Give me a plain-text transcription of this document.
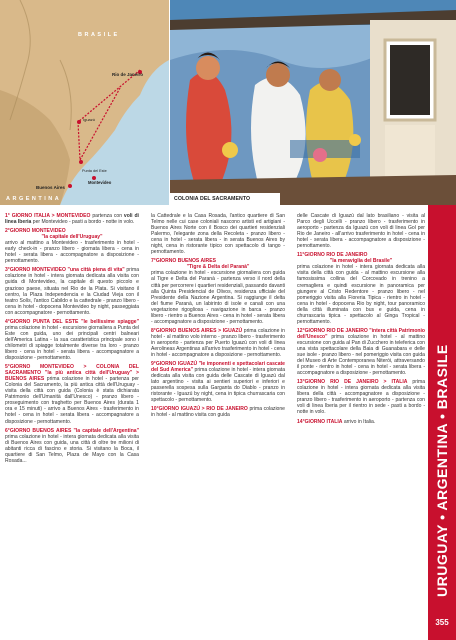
BRASILE
ARGENTINA
Rio de Janeiro
Iguazú
Punta del Este
Montevideo
Buenos Aires
COLONIA DEL SACRAMENTO
URUGUAY • ARGENTINA • BRASILE
355

1° GIORNO ITALIA > MONTEVIDEO partenza con voli di linea Iberia per Montevideo - pasti a bordo - notte in volo.

2°GIORNO MONTEVIDEO
"la capitale dell'Uruguay"
arrivo al mattino a Montevideo - trasferimento in hotel - early check-in - pranzo libero - giornata libera - cena in hotel - serata libera - accompagnatore a disposizione - pernottamento.

3°GIORNO MONTEVIDEO "una città piena di vita" prima colazione in hotel - intera giornata dedicata alla visita con guida di Montevideo, la capitale di questo piccolo e grazioso paese, situata nel Rio de la Plata. Si visitano il centro, la Plaza Independencia e la Ciudad Vieja con il teatro Solís, l'antico Cabildo e la cattedrale - pranzo libero - cena in hotel - dopocena Montevideo by night, passeggiata con accompagnatore - pernottamento.

4°GIORNO PUNTA DEL ESTE "le bellissime spiagge" prima colazione in hotel - escursione giornaliera a Punta del Este con guida, uno dei principali centri balneari dell'America Latina - la sua caratteristica principale sono i chilometri di spiagge totalmente diverse tra loro - pranzo libero - cena in hotel - serata libera - accompagnatore a disposizione - pernottamento.

5°GIORNO MONTEVIDEO > COLONIA DEL SACRAMENTO "la più antica città dell'Uruguay" > BUENOS AIRES prima colazione in hotel - partenza per Colonia del Sacramento, la più antica città dell'Uruguay - visita della città con guida (Colonia è stata dichiarata Patrimonio dell'Umanità dall'Unesco) - pranzo libero - proseguimento con traghetto per Buenos Aires (durata 1 ora e 15 minuti) - arrivo a Buenos Aires - trasferimento in hotel - cena in hotel - serata libera - accompagnatore a disposizione - pernottamento.

6°GIORNO BUENOS AIRES "la capitale dell'Argentina" prima colazione in hotel - intera giornata dedicata alla visita di Buenos Aires con guida, una città di oltre tre milioni di abitanti ricca di fascino e storia. Si visitano la Boca, il quartiere di San Telmo, Plaza de Mayo con la Casa Rosada...

la Cattedrale e la Casa Rosada, l'antico quartiere di San Telmo nelle cui case coloniali nascono artisti ed artigiani - Buenos Aires Norte con il Bosco dei quartieri residenziali Palermo, l'elegante zona della Recoleta - pranzo libero - cena in hotel - serata libera - in serata Buenos Aires by night, cena in ristorante tipico con spettacolo di tango - pernottamento.

7°GIORNO BUENOS AIRES
"Tigre & Delta del Paranà"
prima colazione in hotel - escursione giornaliera con guida al Tigre e Delta del Paranà - partenza verso il nord della città per percorrere i quartieri residenziali, passando davanti alla Quinta Presidencial de Olivos, residenza ufficiale del Presidente della Nazione Argentina. Si raggiunge il delta del fiume Paranà, un labirinto di isole e canali con una vegetazione rigogliosa - navigazione in barca - pranzo libero - rientro a Buenos Aires - cena in hotel - serata libera - accompagnatore a disposizione - pernottamento.

8°GIORNO BUENOS AIRES > IGUAZÚ prima colazione in hotel - al mattino volo interno - pranzo libero - trasferimento in aeroporto - partenza per Puerto Iguazú con voli di linea Aerolineas Argentinas all'arrivo trasferimento in hotel - cena in hotel - accompagnatore a disposizione - pernottamento.

9°GIORNO IGUAZÚ "le imponenti e spettacolari cascate del Sud America" prima colazione in hotel - intera giornata dedicata alla visita con guida delle Cascate di Iguazú dal lato argentino - visita ai sentieri superiori e inferiori e passerella sospesa sulla Garganta do Diablo - pranzo in ristorante - Iguazú by night, cena in tipica churrascaria con spettacolo - pernottamento.

10°GIORNO IGUAZÚ > RIO DE JANEIRO prima colazione in hotel - al mattino visita con guida

delle Cascate di Iguazú dal lato brasiliano - visita al Parco degli Uccelli - pranzo libero - trasferimento in aeroporto - partenza da Iguazú con voli di linea Gol per Rio de Janeiro - all'arrivo trasferimento in hotel - cena in hotel - serata libera - accompagnatore a disposizione - pernottamento.

11°GIORNO RIO DE JANEIRO
"la meraviglia del Brasile"
prima colazione in hotel - intera giornata dedicata alla visita della città con guida - al mattino escursione alla famosissima collina del Corcovado in trenino a cremagliera e quindi escursione in panoramica per giungere al Cristo Redentore - pranzo libero - nel pomeriggio visita alla Fioreria Tipica - rientro in hotel - cena in hotel - dopocena Rio by night, tour panoramico della città illuminata con bus e guida, cena in churrascaria tipica - spettacolo al Ginga Tropical - pernottamento.

12°GIORNO RIO DE JANEIRO "intera città Patrimonio dell'Unesco" prima colazione in hotel - al mattino escursione con guida al Pan di Zucchero in teleferica con una vista spettacolare della Baia di Guanabara e delle sue isole - pranzo libero - nel pomeriggio visita con guida del Museo di Arte Contemporanea Niterói, attraversando il ponte - rientro in hotel - cena in hotel - serata libera - accompagnatore a disposizione - pernottamento.

13°GIORNO RIO DE JANEIRO > ITALIA prima colazione in hotel - intera giornata dedicata alla visita libera della città - accompagnatore a disposizione - pranzo libero - trasferimento in aeroporto - partenza con voli di linea Iberia per il rientro in sede - pasti a bordo - notte in volo.

14°GIORNO ITALIA arrivo in Italia.
